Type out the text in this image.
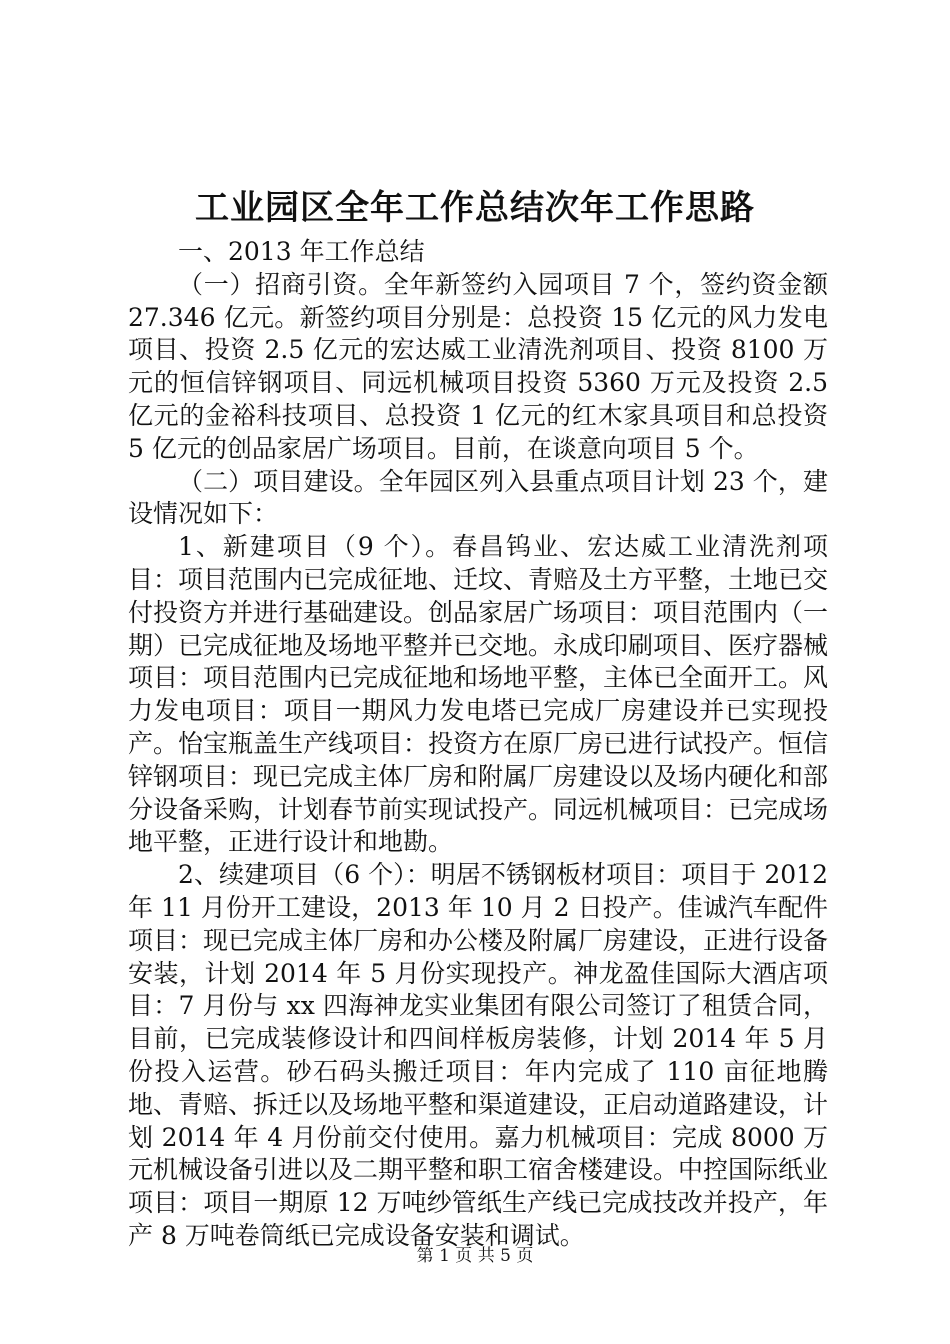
工业园区全年工作总结次年工作思路

一、2013 年工作总结

（一）招商引资。全年新签约入园项目 7 个，签约资金额 27.346 亿元。新签约项目分别是：总投资 15 亿元的风力发电项目、投资 2.5 亿元的宏达威工业清洗剂项目、投资 8100 万元的恒信锌钢项目、同远机械项目投资 5360 万元及投资 2.5 亿元的金裕科技项目、总投资 1 亿元的红木家具项目和总投资 5 亿元的创品家居广场项目。目前，在谈意向项目 5 个。

（二）项目建设。全年园区列入县重点项目计划 23 个，建设情况如下：

1、新建项目（9 个）。春昌钨业、宏达威工业清洗剂项目：项目范围内已完成征地、迁坟、青赔及土方平整，土地已交付投资方并进行基础建设。创品家居广场项目：项目范围内（一期）已完成征地及场地平整并已交地。永成印刷项目、医疗器械项目：项目范围内已完成征地和场地平整，主体已全面开工。风力发电项目：项目一期风力发电塔已完成厂房建设并已实现投产。怡宝瓶盖生产线项目：投资方在原厂房已进行试投产。恒信锌钢项目：现已完成主体厂房和附属厂房建设以及场内硬化和部分设备采购，计划春节前实现试投产。同远机械项目：已完成场地平整，正进行设计和地勘。

2、续建项目（6 个）：明居不锈钢板材项目：项目于 2012 年 11 月份开工建设，2013 年 10 月 2 日投产。佳诚汽车配件项目：现已完成主体厂房和办公楼及附属厂房建设，正进行设备安装，计划 2014 年 5 月份实现投产。神龙盈佳国际大酒店项目：7 月份与 xx 四海神龙实业集团有限公司签订了租赁合同，目前，已完成装修设计和四间样板房装修，计划 2014 年 5 月份投入运营。砂石码头搬迁项目：年内完成了 110 亩征地腾地、青赔、拆迁以及场地平整和渠道建设，正启动道路建设，计划 2014 年 4 月份前交付使用。嘉力机械项目：完成 8000 万元机械设备引进以及二期平整和职工宿舍楼建设。中控国际纸业项目：项目一期原 12 万吨纱管纸生产线已完成技改并投产，年产 8 万吨卷筒纸已完成设备安装和调试。

第 1 页 共 5 页
